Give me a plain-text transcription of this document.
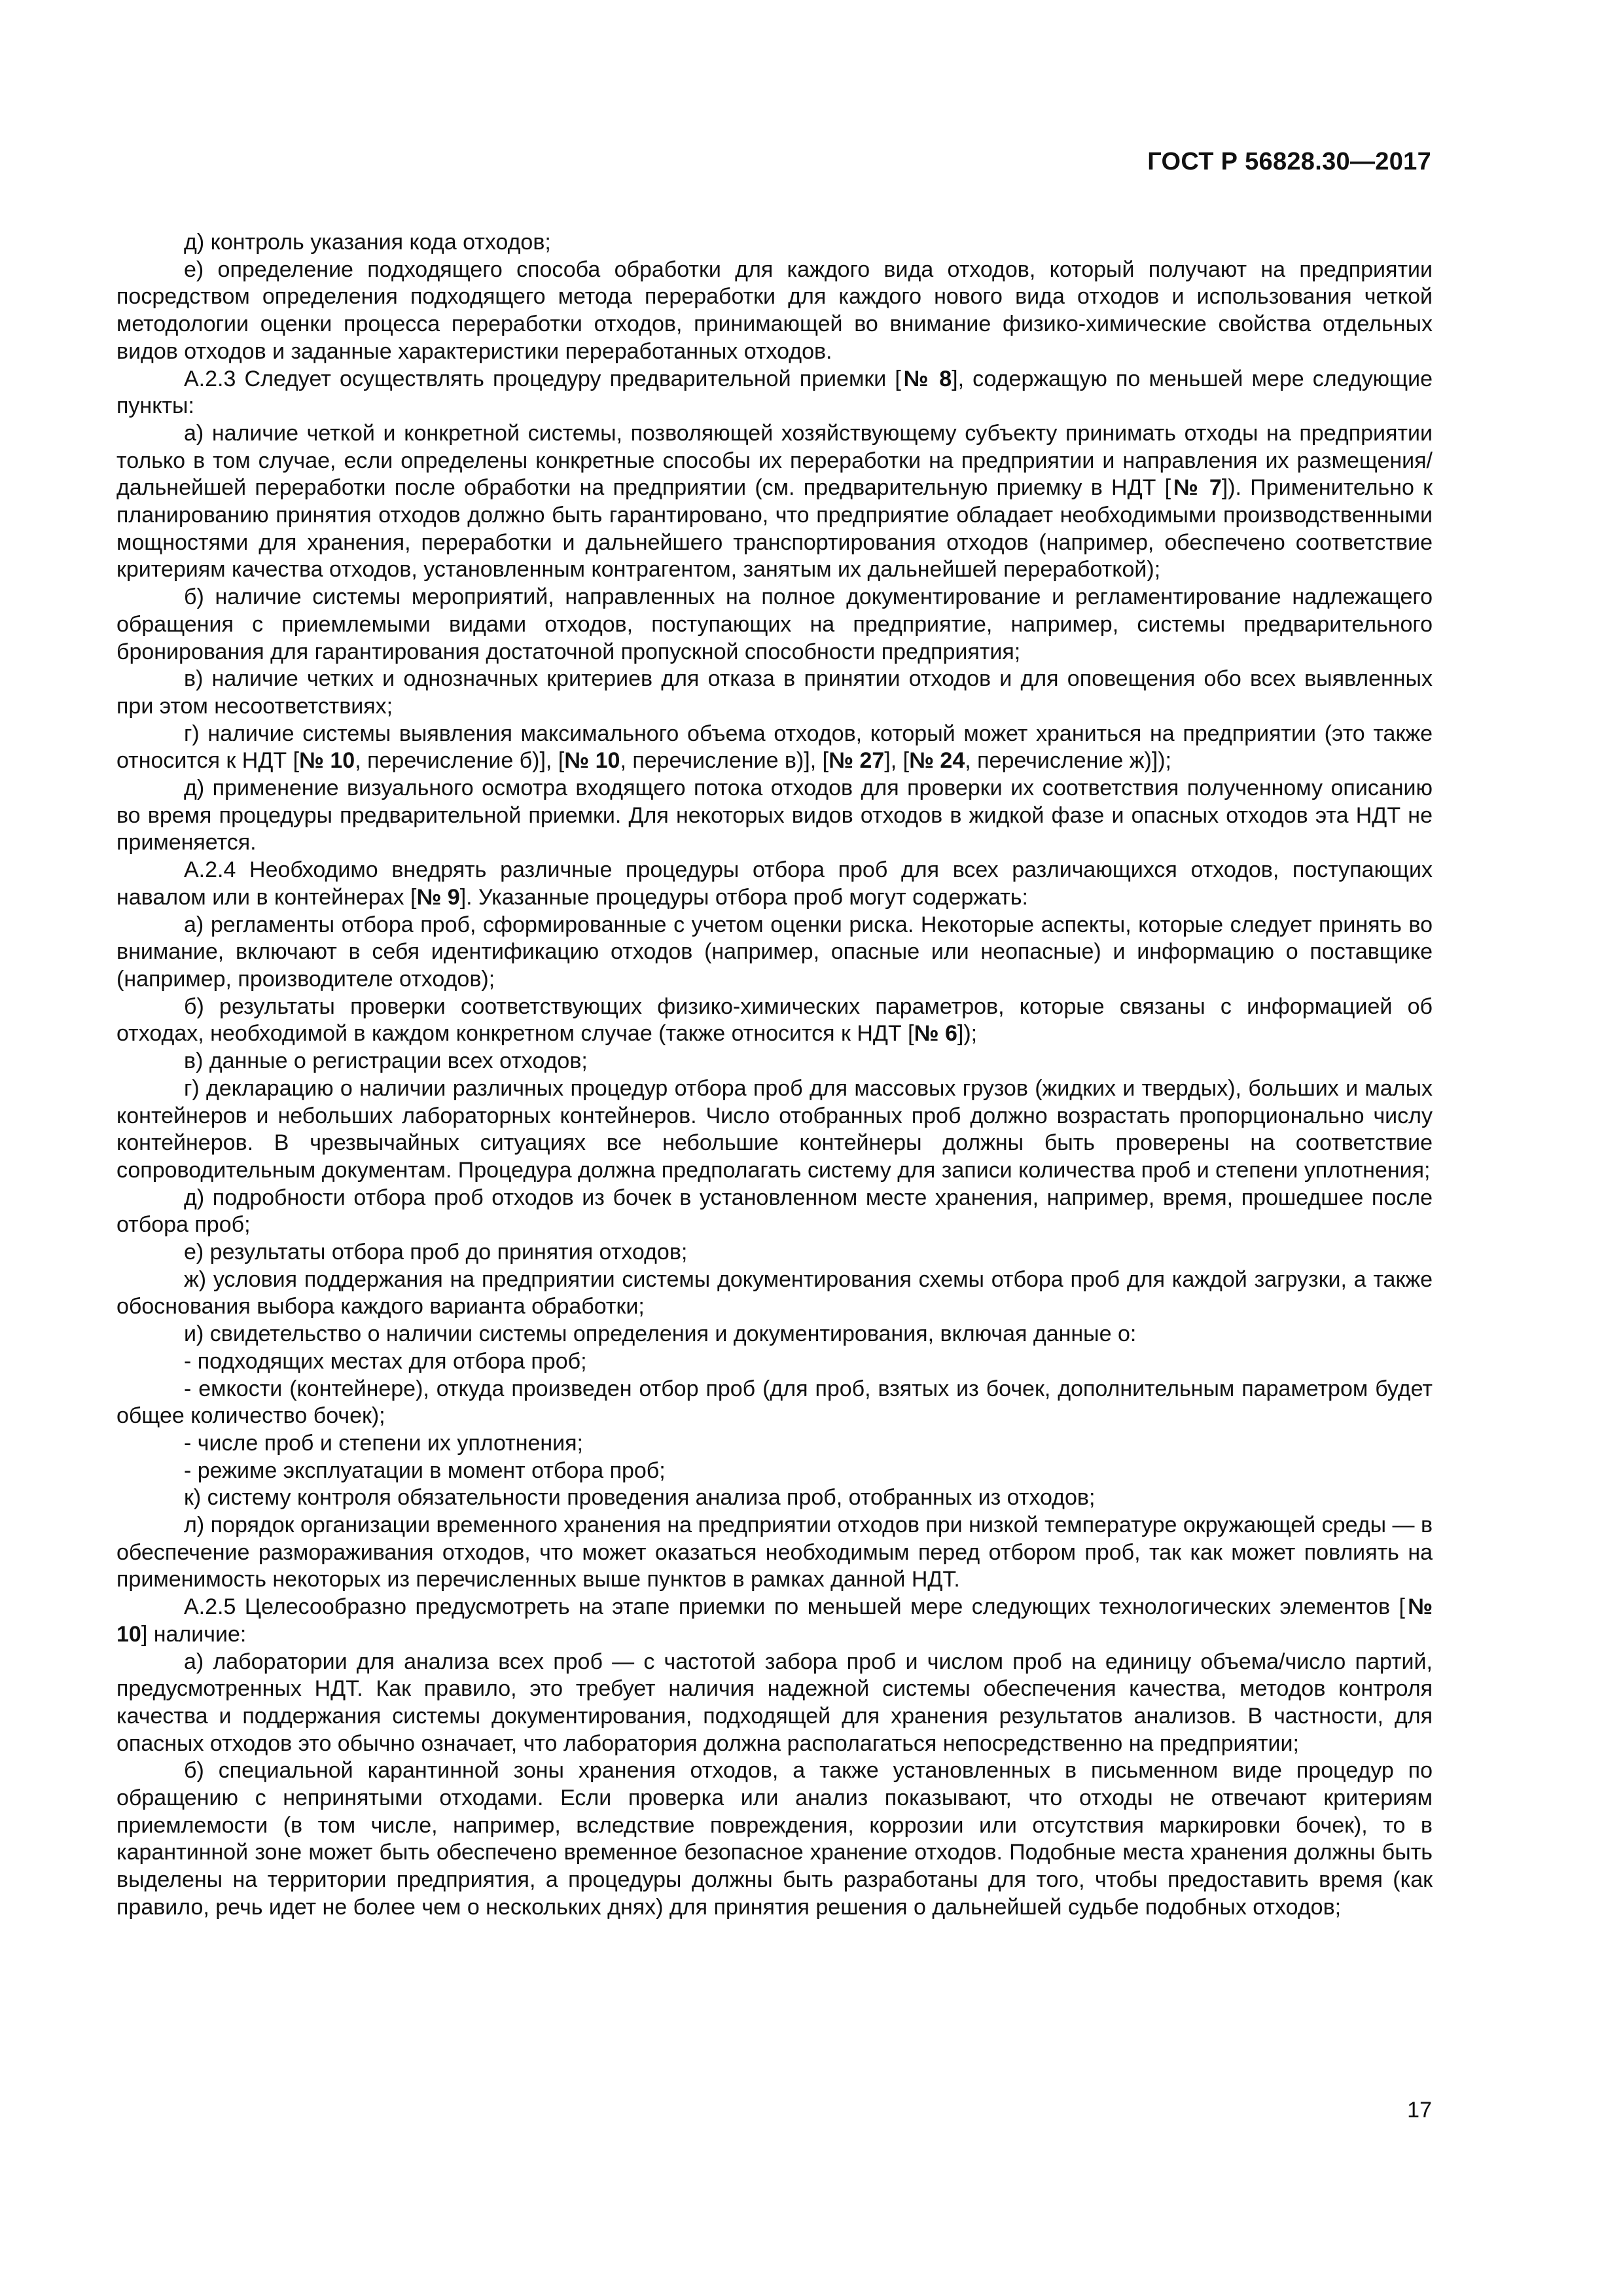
ГОСТ Р 56828.30—2017

д) контроль указания кода отходов;

е) определение подходящего способа обработки для каждого вида отходов, который получают на предприятии посредством определения подходящего метода переработки для каждого нового вида отходов и использования четкой методологии оценки процесса переработки отходов, принимающей во внимание физико-химические свойства отдельных видов отходов и заданные характеристики переработанных отходов.

А.2.3 Следует осуществлять процедуру предварительной приемки [№ 8], содержащую по меньшей мере следующие пункты:

а) наличие четкой и конкретной системы, позволяющей хозяйствующему субъекту принимать отходы на предприятии только в том случае, если определены конкретные способы их переработки на предприятии и направления их размещения/дальнейшей переработки после обработки на предприятии (см. предварительную приемку в НДТ [№ 7]). Применительно к планированию принятия отходов должно быть гарантировано, что предприятие обладает необходимыми производственными мощностями для хранения, переработки и дальнейшего транспортирования отходов (например, обеспечено соответствие критериям качества отходов, установленным контрагентом, занятым их дальнейшей переработкой);

б) наличие системы мероприятий, направленных на полное документирование и регламентирование надлежащего обращения с приемлемыми видами отходов, поступающих на предприятие, например, системы предварительного бронирования для гарантирования достаточной пропускной способности предприятия;

в) наличие четких и однозначных критериев для отказа в принятии отходов и для оповещения обо всех выявленных при этом несоответствиях;

г) наличие системы выявления максимального объема отходов, который может храниться на предприятии (это также относится к НДТ [№ 10, перечисление б)], [№ 10, перечисление в)], [№ 27], [№ 24, перечисление ж)]);

д) применение визуального осмотра входящего потока отходов для проверки их соответствия полученному описанию во время процедуры предварительной приемки. Для некоторых видов отходов в жидкой фазе и опасных отходов эта НДТ не применяется.

А.2.4 Необходимо внедрять различные процедуры отбора проб для всех различающихся отходов, поступающих навалом или в контейнерах [№ 9]. Указанные процедуры отбора проб могут содержать:

а) регламенты отбора проб, сформированные с учетом оценки риска. Некоторые аспекты, которые следует принять во внимание, включают в себя идентификацию отходов (например, опасные или неопасные) и информацию о поставщике (например, производителе отходов);

б) результаты проверки соответствующих физико-химических параметров, которые связаны с информацией об отходах, необходимой в каждом конкретном случае (также относится к НДТ [№ 6]);

в) данные о регистрации всех отходов;

г) декларацию о наличии различных процедур отбора проб для массовых грузов (жидких и твердых), больших и малых контейнеров и небольших лабораторных контейнеров. Число отобранных проб должно возрастать пропорционально числу контейнеров. В чрезвычайных ситуациях все небольшие контейнеры должны быть проверены на соответствие сопроводительным документам. Процедура должна предполагать систему для записи количества проб и степени уплотнения;

д) подробности отбора проб отходов из бочек в установленном месте хранения, например, время, прошедшее после отбора проб;

е) результаты отбора проб до принятия отходов;

ж) условия поддержания на предприятии системы документирования схемы отбора проб для каждой загрузки, а также обоснования выбора каждого варианта обработки;

и) свидетельство о наличии системы определения и документирования, включая данные о:

- подходящих местах для отбора проб;

- емкости (контейнере), откуда произведен отбор проб (для проб, взятых из бочек, дополнительным параметром будет общее количество бочек);

- числе проб и степени их уплотнения;

- режиме эксплуатации в момент отбора проб;

к) систему контроля обязательности проведения анализа проб, отобранных из отходов;

л) порядок организации временного хранения на предприятии отходов при низкой температуре окружающей среды — в обеспечение размораживания отходов, что может оказаться необходимым перед отбором проб, так как может повлиять на применимость некоторых из перечисленных выше пунктов в рамках данной НДТ.

А.2.5 Целесообразно предусмотреть на этапе приемки по меньшей мере следующих технологических элементов [№ 10] наличие:

а) лаборатории для анализа всех проб — с частотой забора проб и числом проб на единицу объема/число партий, предусмотренных НДТ. Как правило, это требует наличия надежной системы обеспечения качества, методов контроля качества и поддержания системы документирования, подходящей для хранения результатов анализов. В частности, для опасных отходов это обычно означает, что лаборатория должна располагаться непосредственно на предприятии;

б) специальной карантинной зоны хранения отходов, а также установленных в письменном виде процедур по обращению с непринятыми отходами. Если проверка или анализ показывают, что отходы не отвечают критериям приемлемости (в том числе, например, вследствие повреждения, коррозии или отсутствия маркировки бочек), то в карантинной зоне может быть обеспечено временное безопасное хранение отходов. Подобные места хранения должны быть выделены на территории предприятия, а процедуры должны быть разработаны для того, чтобы предоставить время (как правило, речь идет не более чем о нескольких днях) для принятия решения о дальнейшей судьбе подобных отходов;

17
